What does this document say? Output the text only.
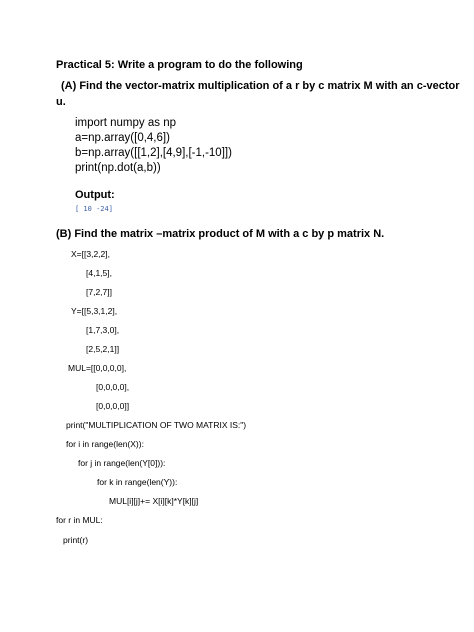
Practical 5: Write a program to do the following
(A) Find the vector-matrix multiplication of a r by c matrix M with an c-vector
u.
import numpy as np
a=np.array([0,4,6])
b=np.array([[1,2],[4,9],[-1,-10]])
print(np.dot(a,b))
Output:
[ 10 -24]
(B) Find the matrix –matrix product of M with a c by p matrix N.
X=[[3,2,2],
[4,1,5],
[7,2,7]]
Y=[[5,3,1,2],
[1,7,3,0],
[2,5,2,1]]
MUL=[[0,0,0,0],
[0,0,0,0],
[0,0,0,0]]
print("MULTIPLICATION OF TWO MATRIX IS:")
for i in range(len(X)):
for j in range(len(Y[0])):
for k in range(len(Y)):
MUL[i][j]+= X[i][k]*Y[k][j]
for r in MUL:
print(r)
